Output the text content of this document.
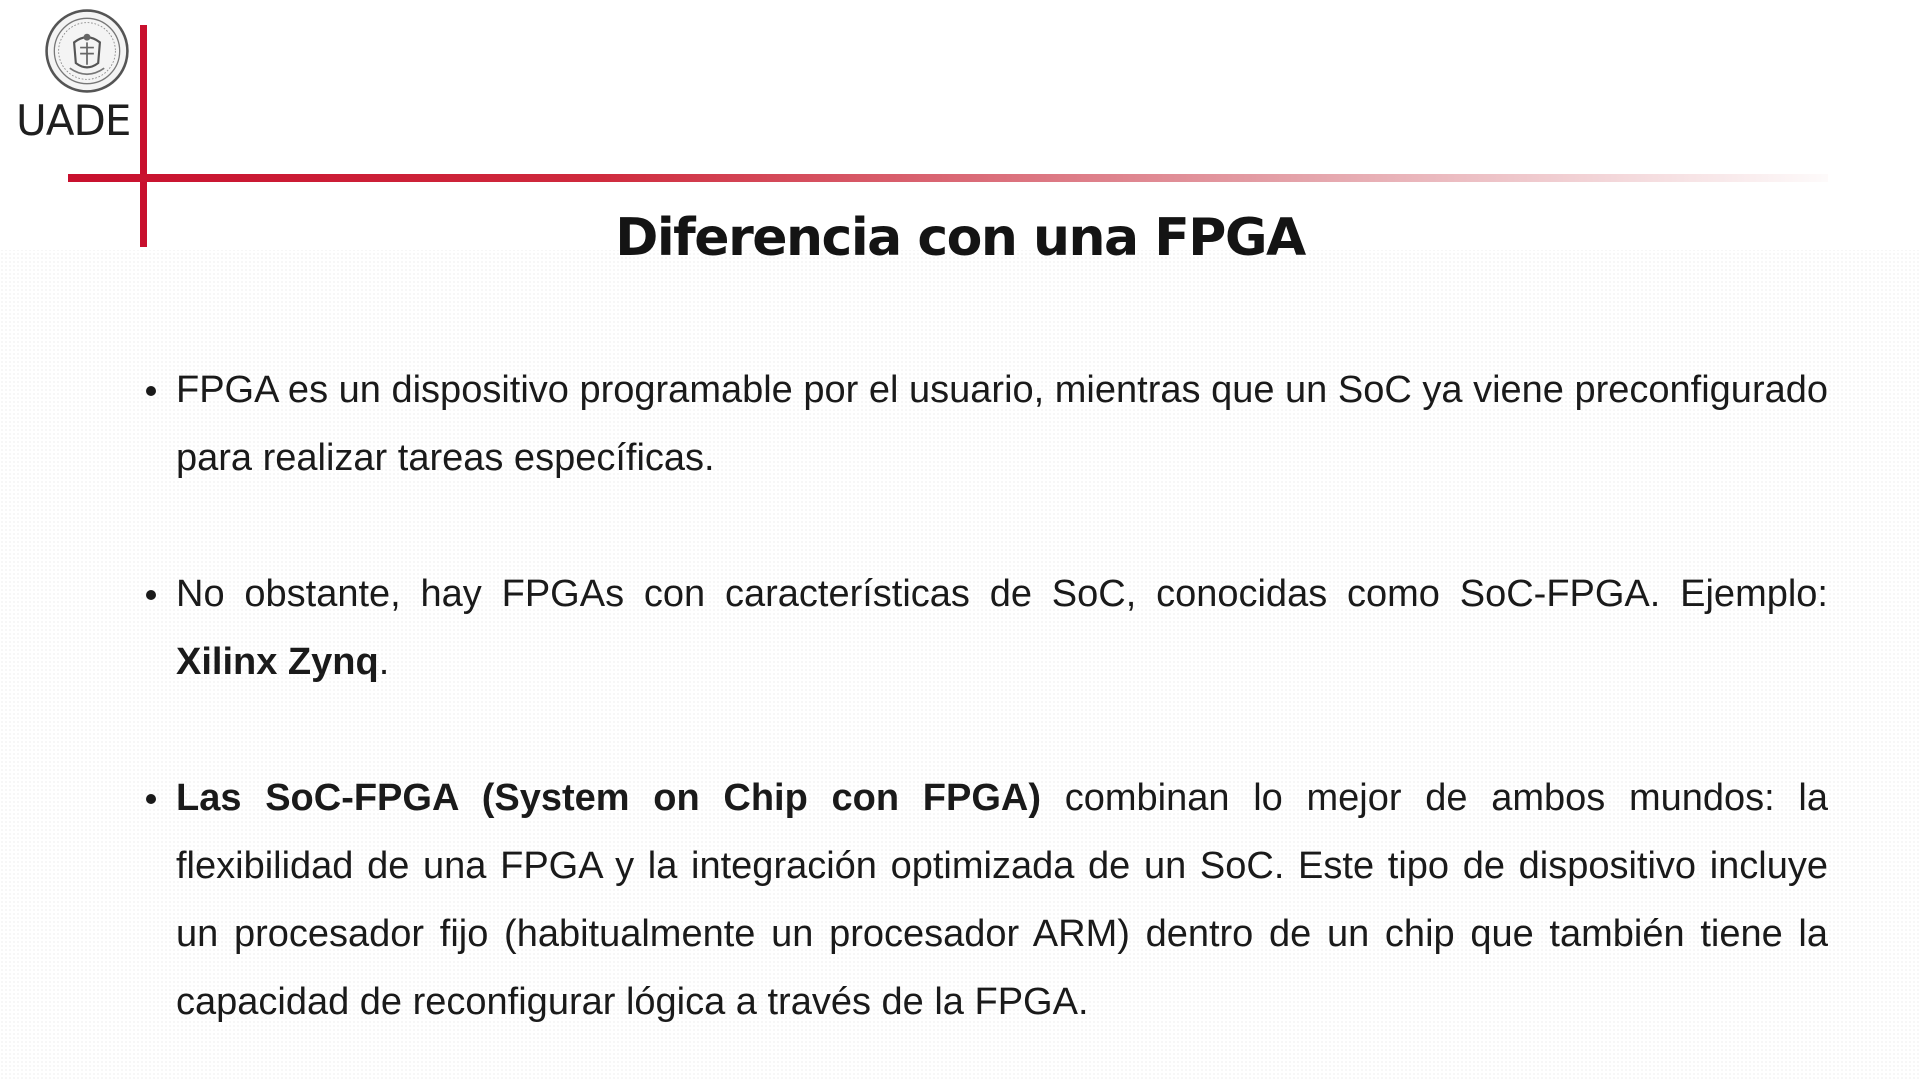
UADE
Diferencia con una FPGA
FPGA es un dispositivo programable por el usuario, mientras que un SoC ya viene preconfigurado para realizar tareas específicas.
No obstante, hay FPGAs con características de SoC, conocidas como SoC-FPGA. Ejemplo: Xilinx Zynq.
Las SoC-FPGA (System on Chip con FPGA) combinan lo mejor de ambos mundos: la flexibilidad de una FPGA y la integración optimizada de un SoC. Este tipo de dispositivo incluye un procesador fijo (habitualmente un procesador ARM) dentro de un chip que también tiene la capacidad de reconfigurar lógica a través de la FPGA.
